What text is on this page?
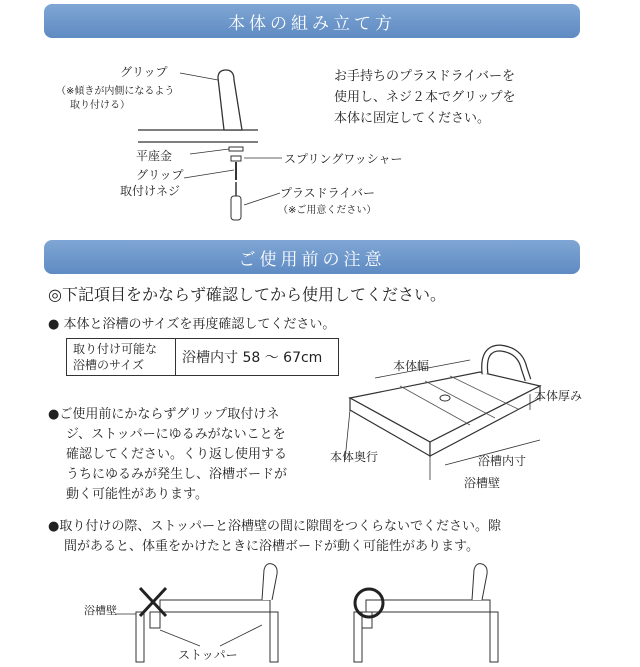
本体の組み立て方
グリップ
（※傾きが内側になるよう
取り付ける）
平座金	スプリングワッシャー
グリップ
取付けネジ	プラスドライバー
（※ご用意ください）
お手持ちのプラスドライバーを
使用し、ネジ２本でグリップを
本体に固定してください。
ご使用前の注意
◎下記項目をかならず確認してから使用してください。
● 本体と浴槽のサイズを再度確認してください。
取り付け可能な
浴槽のサイズ	浴槽内寸 58 〜 67cm	本体幅
本体厚み
本体奥行	浴槽内寸
浴槽壁
●ご使用前にかならずグリップ取付けネ
ジ、ストッパーにゆるみがないことを
確認してください。くり返し使用する
うちにゆるみが発生し、浴槽ボードが
動く可能性があります。
●取り付けの際、ストッパーと浴槽壁の間に隙間をつくらないでください。隙
間があると、体重をかけたときに浴槽ボードが動く可能性があります。
浴槽壁
ストッパー
